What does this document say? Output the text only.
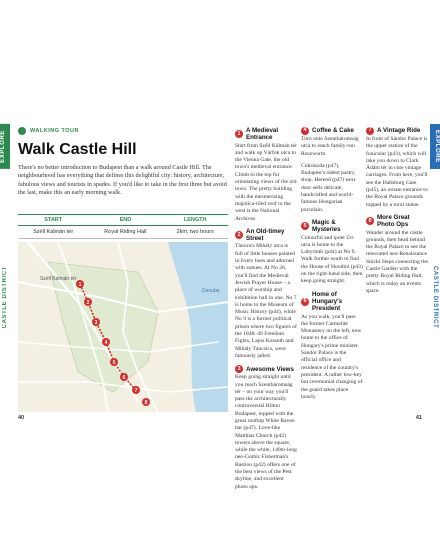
EXPLORE
CASTLE DISTRICT
EXPLORE
CASTLE DISTRICT
WALKING TOUR
Walk Castle Hill
There's no better introduction to Budapest than a walk around Castle Hill. The neighbourhood has everything that defines this delightful city: history, architecture, fabulous views and tourists in spades. If you'd like to take in the first three but avoid the last, make this an early morning walk.
START	END	LENGTH
Széll Kálmán tér	Royal Riding Hall	2km; two hours
1
2
3
4
5
6
7
8
Széll Kálmán tér
Danube
1 A Medieval Entrance
Start from Széll Kálmán tér and walk up Várfok utca to the Vienna Gate, the old town's medieval entrance. Climb to the top for orientating views of the old town. The pretty building with the mesmerising majolica-tiled roof to the west is the National Archives.
2 An Old-timey Street
Táncsics Mihály utca is full of little houses painted in lively hues and adorned with statues. At No 26, you'll find the Medieval Jewish Prayer House – a place of worship and exhibition hall in one. No 7 is home to the Museum of Music History (p44), while No 9 is a former political prison where two figures of the 1848–49 Freedom Fights, Lajos Kossuth and Mihály Táncsics, were famously jailed.
3 Awesome Views
Keep going straight until you reach Szentháromság tér – on your way you'll pass the architecturally controversial Hilton Budapest, topped with the great rooftop White Raven bar (p47). Love-like Matthias Church (p42) towers above the square, while the white, 140m-long neo-Gothic Fisherman's Bastion (p42) offers one of the best views of the Pest skyline, and excellent photo ops.
4 Coffee & Cake
Turn onto Szentháromság utca to reach family-run Ruszwurm
Cukrászda (p47), Budapest's oldest pastry shop. Herend (p47) next door sells delicate, handcrafted and world-famous Hungarian porcelain.
5 Magic & Mysteries
Colourful and quiet Úri utca is home to the Labyrinth (p44) at No 9. Walk further south to find the House of Houdini (p43) on the right-hand side, then keep going straight.
6
Home of Hungary's President
As you walk, you'll pass the former Carmelite Monastery on the left, now home to the office of Hungary's prime minister. Sándor Palace is the official office and residence of the country's president. A rather low-key but ceremonial changing of the guard takes place hourly.
7 A Vintage Ride
In front of Sándor Palace is the upper station of the funicular (p43), which will take you down to Clark Ádám tér in cute vintage carriages. From here, you'll see the Habsburg Gate (p45), an ornate entrance to the Royal Palace grounds topped by a turul statue.
8 More Great Photo Ops
Wander around the castle grounds, then head behind the Royal Palace to see the renovated neo-Renaissance Stöckl Steps connecting the Castle Garden with the pretty Royal Riding Hall, which is today an events space.
40	41
